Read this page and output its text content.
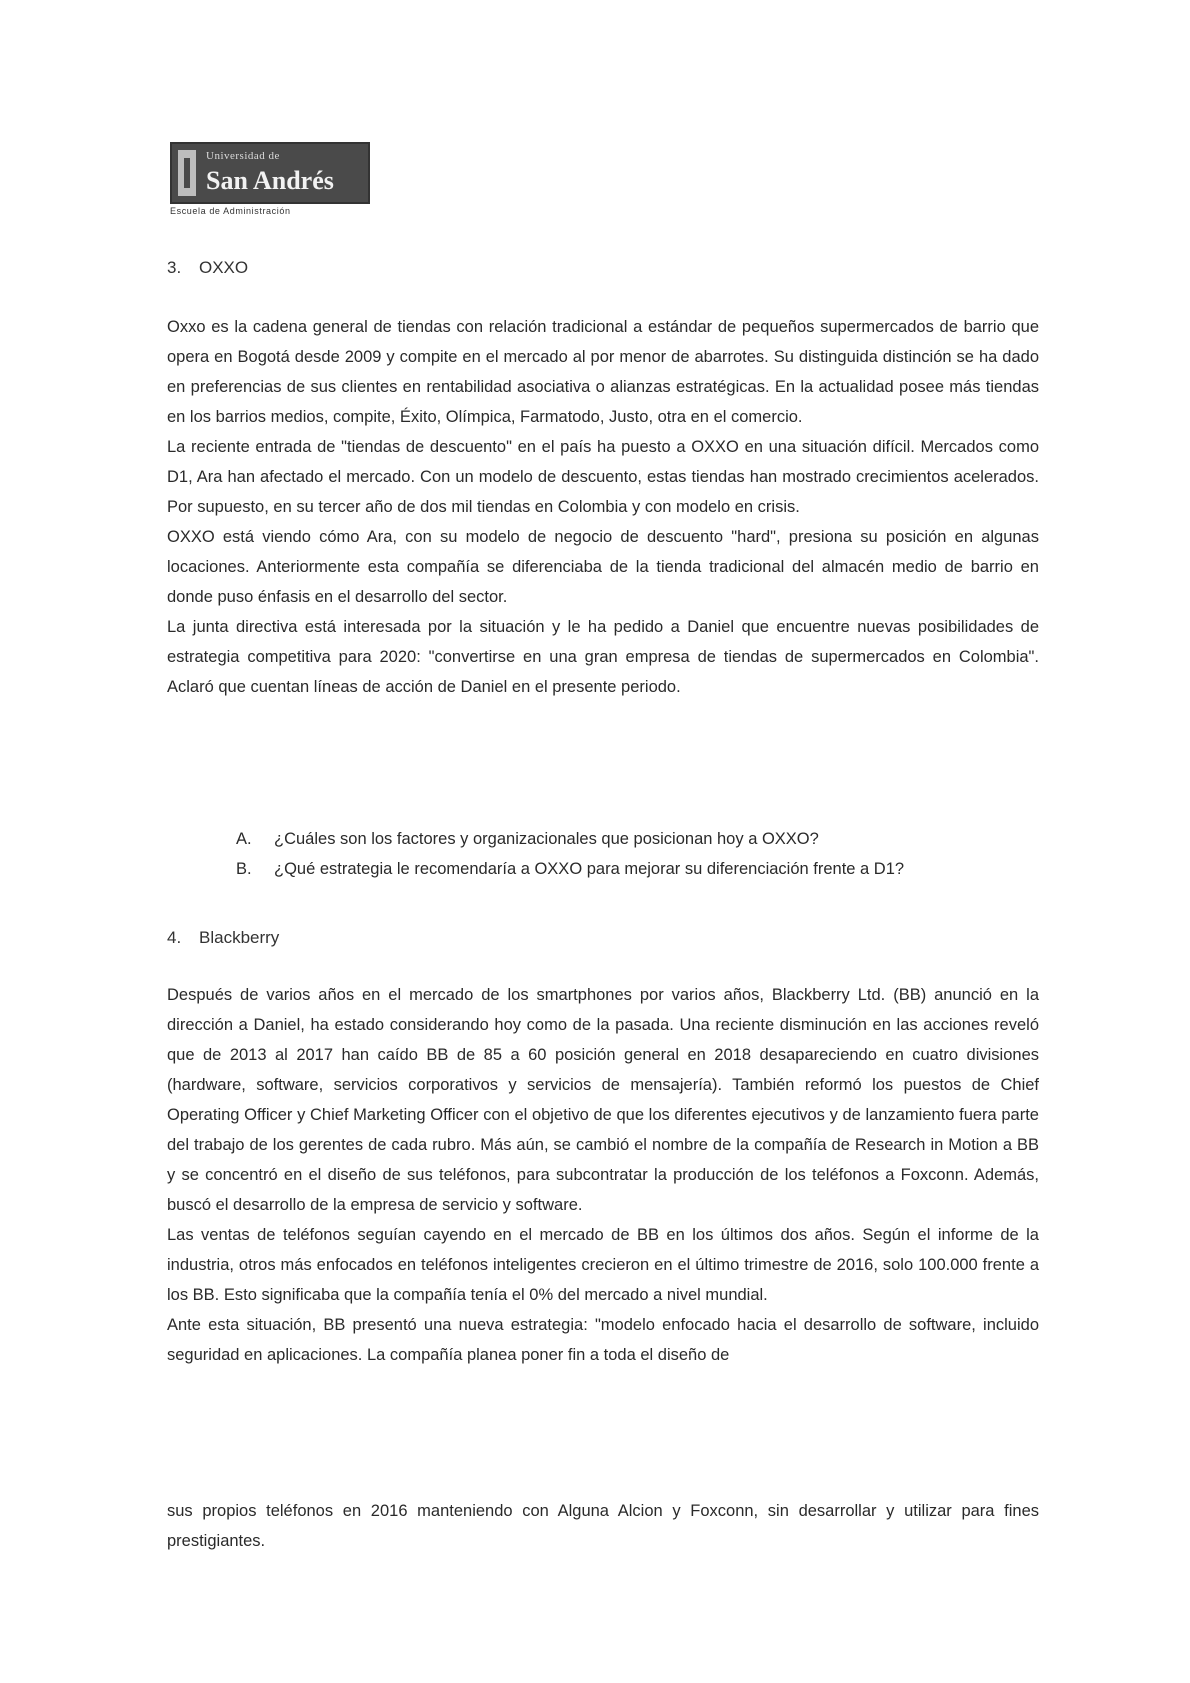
Universidad de
San Andrés
Escuela de Administración
3. OXXO

Oxxo es la cadena general de tiendas con relación tradicional a estándar de pequeños supermercados de barrio que opera en Bogotá desde 2009 y compite en el mercado al por menor de abarrotes. Su distinguida distinción se ha dado en preferencias de sus clientes en rentabilidad asociativa o alianzas estratégicas. En la actualidad posee más tiendas en los barrios medios, compite, Éxito, Olímpica, Farmatodo, Justo, otra en el comercio.

La reciente entrada de "tiendas de descuento" en el país ha puesto a OXXO en una situación difícil. Mercados como D1, Ara han afectado el mercado. Con un modelo de descuento, estas tiendas han mostrado crecimientos acelerados. Por supuesto, en su tercer año de dos mil tiendas en Colombia y con modelo en crisis.

OXXO está viendo cómo Ara, con su modelo de negocio de descuento "hard", presiona su posición en algunas locaciones. Anteriormente esta compañía se diferenciaba de la tienda tradicional del almacén medio de barrio en donde puso énfasis en el desarrollo del sector.

La junta directiva está interesada por la situación y le ha pedido a Daniel que encuentre nuevas posibilidades de estrategia competitiva para 2020: "convertirse en una gran empresa de tiendas de supermercados en Colombia". Aclaró que cuentan líneas de acción de Daniel en el presente periodo.

A. ¿Cuáles son los factores y organizacionales que posicionan hoy a OXXO?
B. ¿Qué estrategia le recomendaría a OXXO para mejorar su diferenciación frente a D1?
4. Blackberry

Después de varios años en el mercado de los smartphones por varios años, Blackberry Ltd. (BB) anunció en la dirección a Daniel, ha estado considerando hoy como de la pasada. Una reciente disminución en las acciones reveló que de 2013 al 2017 han caído BB de 85 a 60 posición general en 2018 desapareciendo en cuatro divisiones (hardware, software, servicios corporativos y servicios de mensajería). También reformó los puestos de Chief Operating Officer y Chief Marketing Officer con el objetivo de que los diferentes ejecutivos y de lanzamiento fuera parte del trabajo de los gerentes de cada rubro. Más aún, se cambió el nombre de la compañía de Research in Motion a BB y se concentró en el diseño de sus teléfonos, para subcontratar la producción de los teléfonos a Foxconn. Además, buscó el desarrollo de la empresa de servicio y software.

Las ventas de teléfonos seguían cayendo en el mercado de BB en los últimos dos años. Según el informe de la industria, otros más enfocados en teléfonos inteligentes crecieron en el último trimestre de 2016, solo 100.000 frente a los BB. Esto significaba que la compañía tenía el 0% del mercado a nivel mundial.

Ante esta situación, BB presentó una nueva estrategia: "modelo enfocado hacia el desarrollo de software, incluido seguridad en aplicaciones. La compañía planea poner fin a toda el diseño de

sus propios teléfonos en 2016 manteniendo con Alguna Alcion y Foxconn, sin desarrollar y utilizar para fines prestigiantes.
